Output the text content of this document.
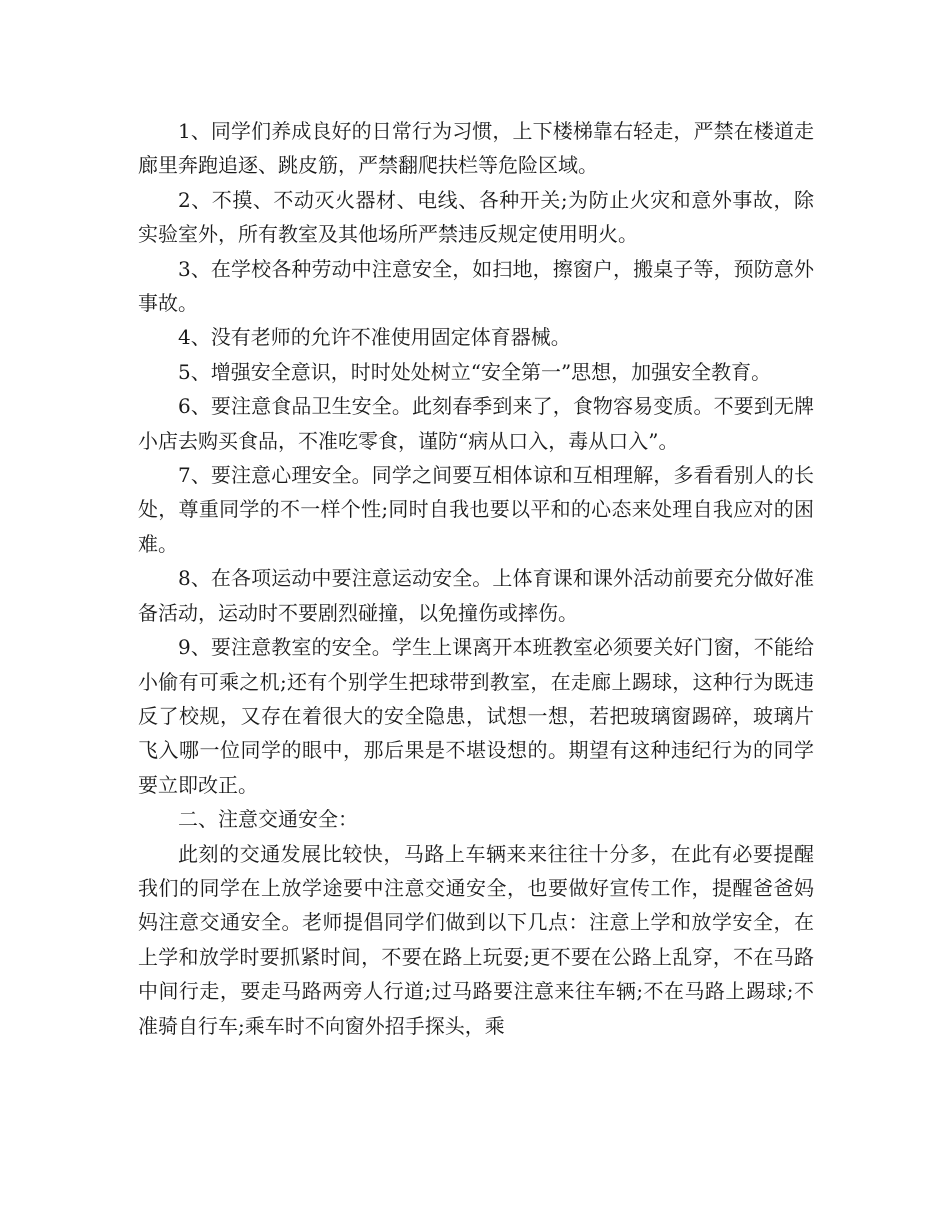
1、同学们养成良好的日常行为习惯，上下楼梯靠右轻走，严禁在楼道走廊里奔跑追逐、跳皮筋，严禁翻爬扶栏等危险区域。

2、不摸、不动灭火器材、电线、各种开关;为防止火灾和意外事故，除实验室外，所有教室及其他场所严禁违反规定使用明火。

3、在学校各种劳动中注意安全，如扫地，擦窗户，搬桌子等，预防意外事故。

4、没有老师的允许不准使用固定体育器械。

5、增强安全意识，时时处处树立“安全第一”思想，加强安全教育。

6、要注意食品卫生安全。此刻春季到来了，食物容易变质。不要到无牌小店去购买食品，不准吃零食，谨防“病从口入，毒从口入”。

7、要注意心理安全。同学之间要互相体谅和互相理解，多看看别人的长处，尊重同学的不一样个性;同时自我也要以平和的心态来处理自我应对的困难。

8、在各项运动中要注意运动安全。上体育课和课外活动前要充分做好准备活动，运动时不要剧烈碰撞，以免撞伤或摔伤。

9、要注意教室的安全。学生上课离开本班教室必须要关好门窗，不能给小偷有可乘之机;还有个别学生把球带到教室，在走廊上踢球，这种行为既违反了校规，又存在着很大的安全隐患，试想一想，若把玻璃窗踢碎，玻璃片飞入哪一位同学的眼中，那后果是不堪设想的。期望有这种违纪行为的同学要立即改正。

二、注意交通安全：

此刻的交通发展比较快，马路上车辆来来往往十分多，在此有必要提醒我们的同学在上放学途要中注意交通安全，也要做好宣传工作，提醒爸爸妈妈注意交通安全。老师提倡同学们做到以下几点：注意上学和放学安全，在上学和放学时要抓紧时间，不要在路上玩耍;更不要在公路上乱穿，不在马路中间行走，要走马路两旁人行道;过马路要注意来往车辆;不在马路上踢球;不准骑自行车;乘车时不向窗外招手探头，乘
